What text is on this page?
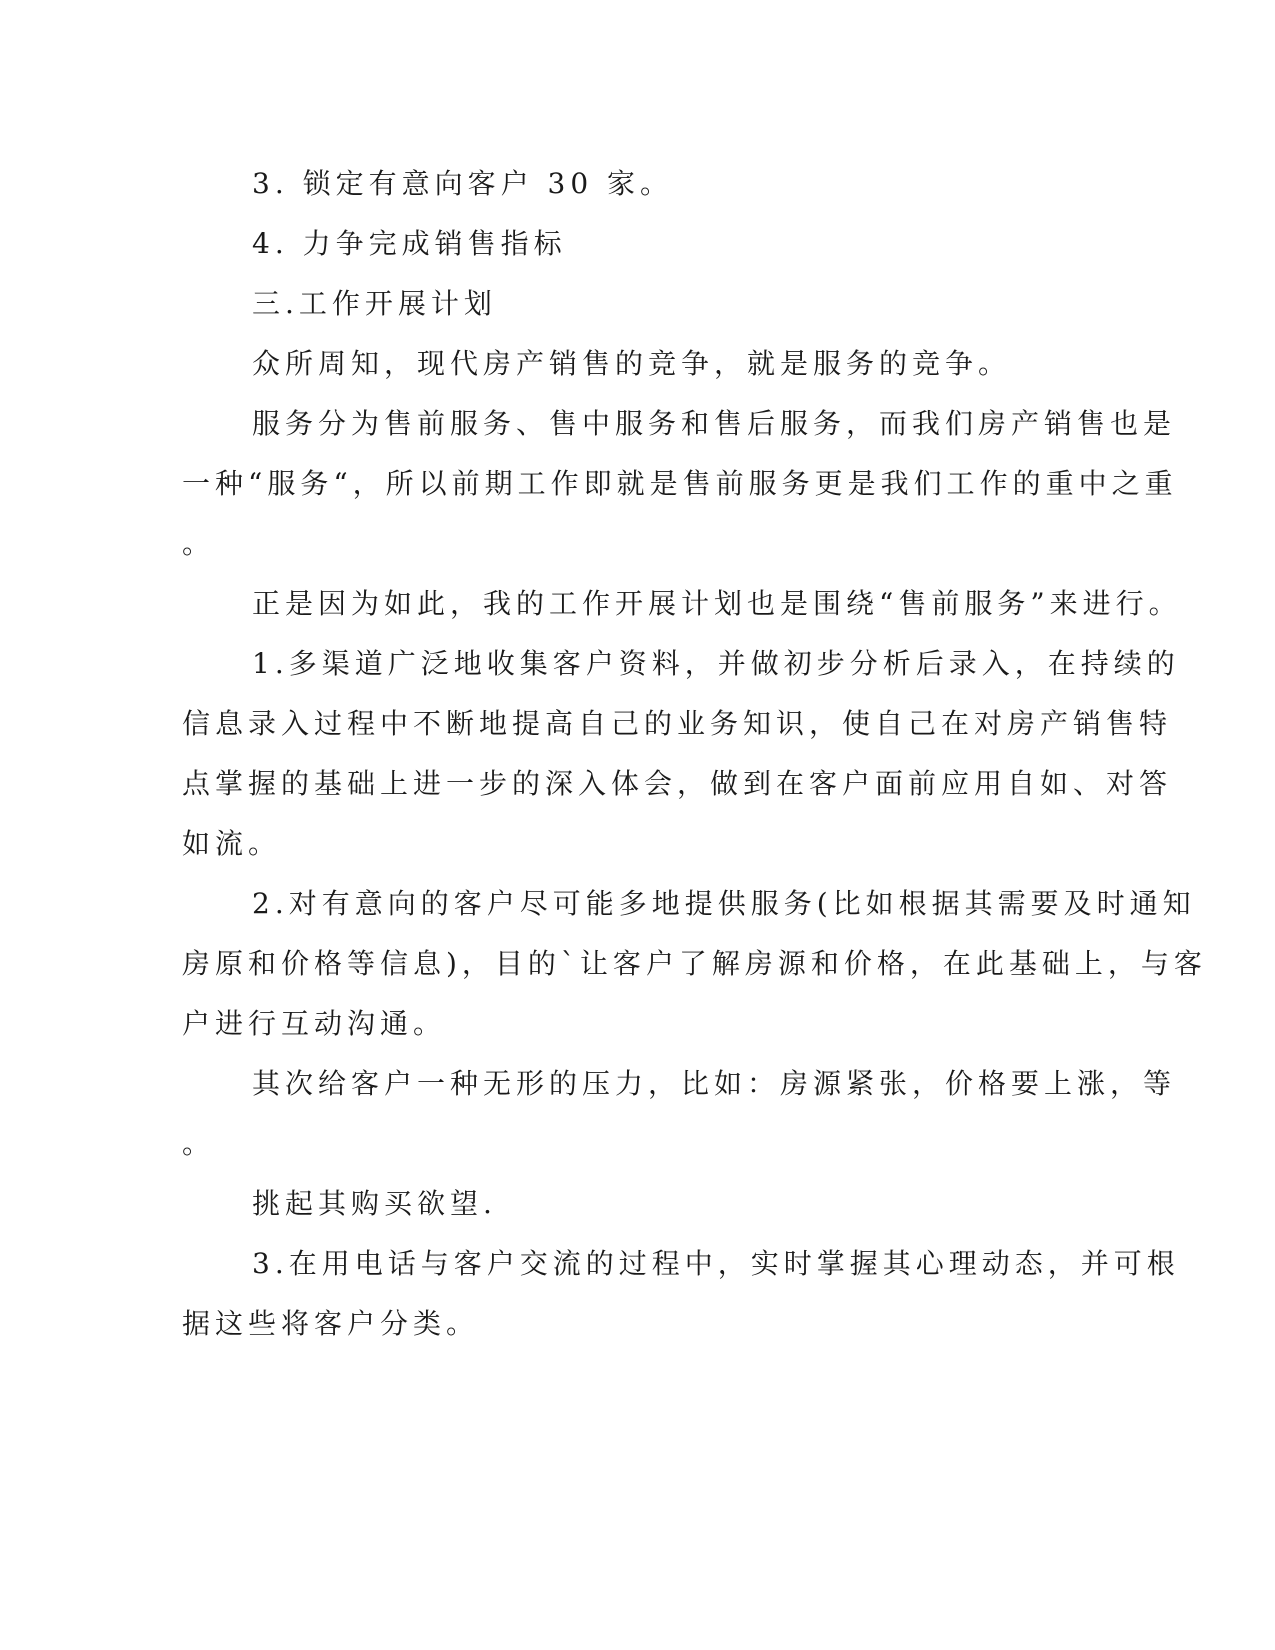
3. 锁定有意向客户 30 家。
4. 力争完成销售指标
三.工作开展计划
众所周知，现代房产销售的竞争，就是服务的竞争。
服务分为售前服务、售中服务和售后服务，而我们房产销售也是
一种“服务“，所以前期工作即就是售前服务更是我们工作的重中之重
。
正是因为如此，我的工作开展计划也是围绕“售前服务”来进行。
1.多渠道广泛地收集客户资料，并做初步分析后录入，在持续的
信息录入过程中不断地提高自己的业务知识，使自己在对房产销售特
点掌握的基础上进一步的深入体会，做到在客户面前应用自如、对答
如流。
2.对有意向的客户尽可能多地提供服务(比如根据其需要及时通知
房原和价格等信息)，目的`让客户了解房源和价格，在此基础上，与客
户进行互动沟通。
其次给客户一种无形的压力，比如：房源紧张，价格要上涨，等
。
挑起其购买欲望.
3.在用电话与客户交流的过程中，实时掌握其心理动态，并可根
据这些将客户分类。
